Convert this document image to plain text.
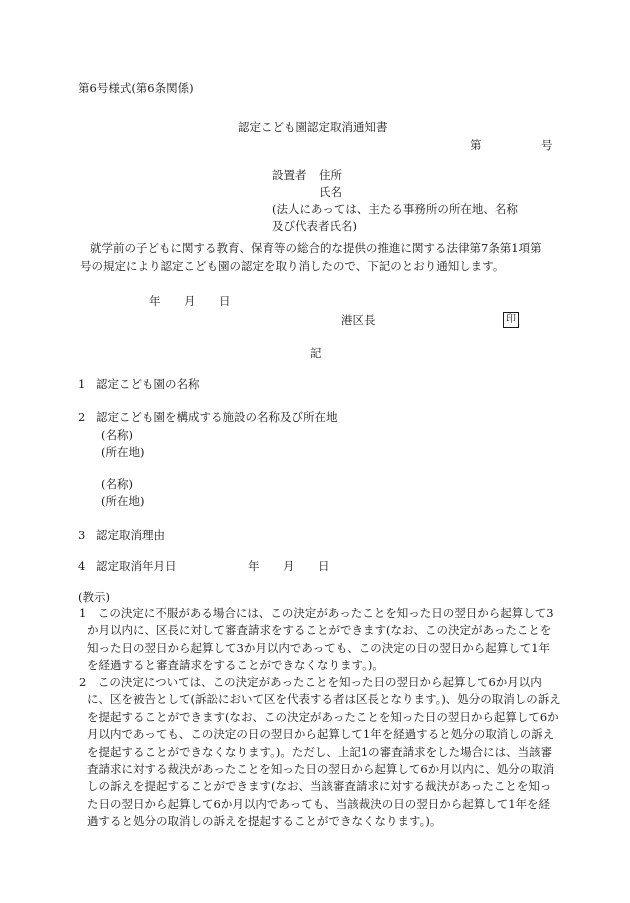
第6号様式(第6条関係)
認定こども園認定取消通知書
第	号
設置者 住所
氏名
(法人にあっては、主たる事務所の所在地、名称
及び代表者氏名)
就学前の子どもに関する教育、保育等の総合的な提供の推進に関する法律第7条第1項第号の規定により認定こども園の認定を取り消したので、下記のとおり通知します。
年 月 日
港区長	印
記
1 認定こども園の名称
2 認定こども園を構成する施設の名称及び所在地
(名称)
(所在地)
(名称)
(所在地)
3 認定取消理由
4 認定取消年月日	年 月 日
(教示)
1　この決定に不服がある場合には、この決定があったことを知った日の翌日から起算して3か月以内に、区長に対して審査請求をすることができます(なお、この決定があったことを知った日の翌日から起算して3か月以内であっても、この決定の日の翌日から起算して1年を経過すると審査請求をすることができなくなります。)。
2　この決定については、この決定があったことを知った日の翌日から起算して6か月以内に、区を被告として(訴訟において区を代表する者は区長となります。)、処分の取消しの訴えを提起することができます(なお、この決定があったことを知った日の翌日から起算して6か月以内であっても、この決定の日の翌日から起算して1年を経過すると処分の取消しの訴えを提起することができなくなります。)。ただし、上記1の審査請求をした場合には、当該審査請求に対する裁決があったことを知った日の翌日から起算して6か月以内に、処分の取消しの訴えを提起することができます(なお、当該審査請求に対する裁決があったことを知った日の翌日から起算して6か月以内であっても、当該裁決の日の翌日から起算して1年を経過すると処分の取消しの訴えを提起することができなくなります。)。
